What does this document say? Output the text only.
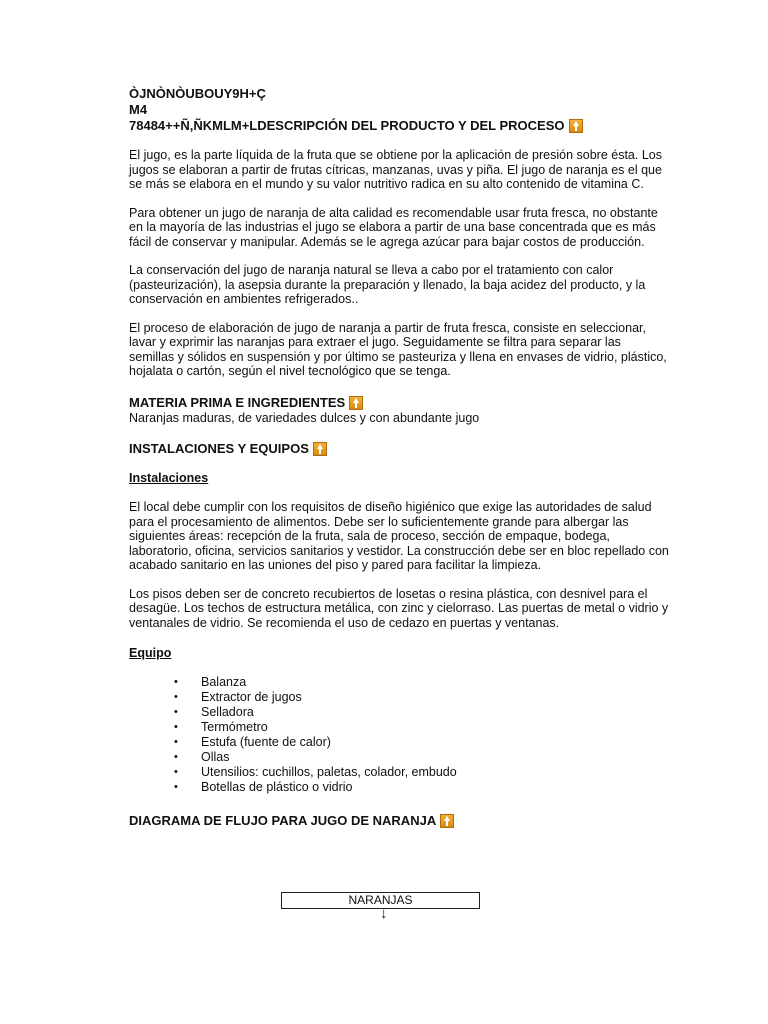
ÒJNÒNÒUBOUY9H+Ç

M4

78484++Ñ,ÑKMLM+LDESCRIPCIÓN DEL PRODUCTO Y DEL PROCESO

El jugo, es la parte líquida de la fruta que se obtiene por la aplicación de presión sobre ésta. Los jugos se elaboran a partir de frutas cítricas, manzanas, uvas y piña. El jugo de naranja es el que se más se elabora en el mundo y su valor nutritivo radica en su alto contenido de vitamina C.

Para obtener un jugo de naranja de alta calidad es recomendable usar fruta fresca, no obstante en la mayoría de las industrias el jugo se elabora a partir de una base concentrada que es más fácil de conservar y manipular. Además se le agrega azúcar para bajar costos de producción.

La conservación del jugo de naranja natural se lleva a cabo por el tratamiento con calor (pasteurización), la asepsia durante la preparación y llenado, la baja acidez del producto, y la conservación en ambientes refrigerados..

El proceso de elaboración de jugo de naranja a partir de fruta fresca, consiste en seleccionar, lavar y exprimir las naranjas para extraer el jugo. Seguidamente se filtra para separar las semillas y sólidos en suspensión y por último se pasteuriza y llena en envases de vidrio, plástico, hojalata o cartón, según el nivel tecnológico que se tenga.

MATERIA PRIMA E INGREDIENTES

Naranjas maduras, de variedades dulces y con abundante jugo

INSTALACIONES Y EQUIPOS

Instalaciones

El local debe cumplir con los requisitos de diseño higiénico que exige las autoridades de salud para el procesamiento de alimentos. Debe ser lo suficientemente grande para albergar las siguientes áreas: recepción de la fruta, sala de proceso, sección de empaque, bodega, laboratorio, oficina, servicios sanitarios y vestidor. La construcción debe ser en bloc repellado con acabado sanitario en las uniones del piso y pared para facilitar la limpieza.

Los pisos deben ser de concreto recubiertos de losetas o resina plástica, con desnivel para el desagüe. Los techos de estructura metálica, con zinc y cielorraso. Las puertas de metal o vidrio y ventanales de vidrio. Se recomienda el uso de cedazo en puertas y ventanas.

Equipo

• Balanza
• Extractor de jugos
• Selladora
• Termómetro
• Estufa (fuente de calor)
• Ollas
• Utensilios: cuchillos, paletas, colador, embudo
• Botellas de plástico o vidrio
DIAGRAMA DE FLUJO PARA JUGO DE NARANJA
NARANJAS
↓
